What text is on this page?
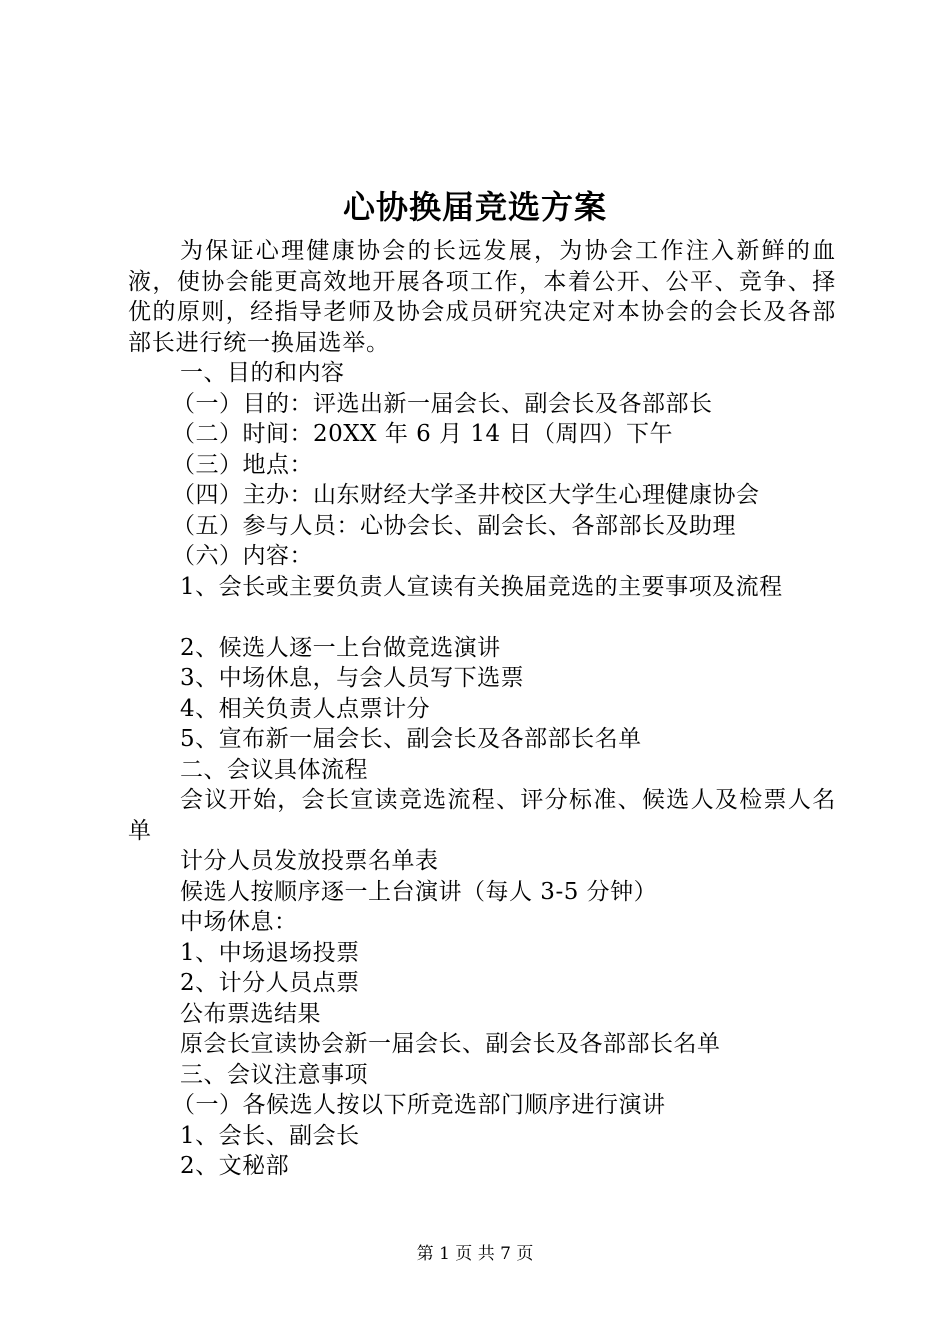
心协换届竞选方案
为保证心理健康协会的长远发展，为协会工作注入新鲜的血液，使协会能更高效地开展各项工作，本着公开、公平、竞争、择优的原则，经指导老师及协会成员研究决定对本协会的会长及各部部长进行统一换届选举。
一、目的和内容
（一）目的：评选出新一届会长、副会长及各部部长
（二）时间：20XX 年 6 月 14 日（周四）下午
（三）地点：
（四）主办：山东财经大学圣井校区大学生心理健康协会
（五）参与人员：心协会长、副会长、各部部长及助理
（六）内容：
1、会长或主要负责人宣读有关换届竞选的主要事项及流程
2、候选人逐一上台做竞选演讲
3、中场休息，与会人员写下选票
4、相关负责人点票计分
5、宣布新一届会长、副会长及各部部长名单
二、会议具体流程
会议开始，会长宣读竞选流程、评分标准、候选人及检票人名单
计分人员发放投票名单表
候选人按顺序逐一上台演讲（每人 3-5 分钟）
中场休息：
1、中场退场投票
2、计分人员点票
公布票选结果
原会长宣读协会新一届会长、副会长及各部部长名单
三、会议注意事项
（一）各候选人按以下所竞选部门顺序进行演讲
1、会长、副会长
2、文秘部
第 1 页 共 7 页
